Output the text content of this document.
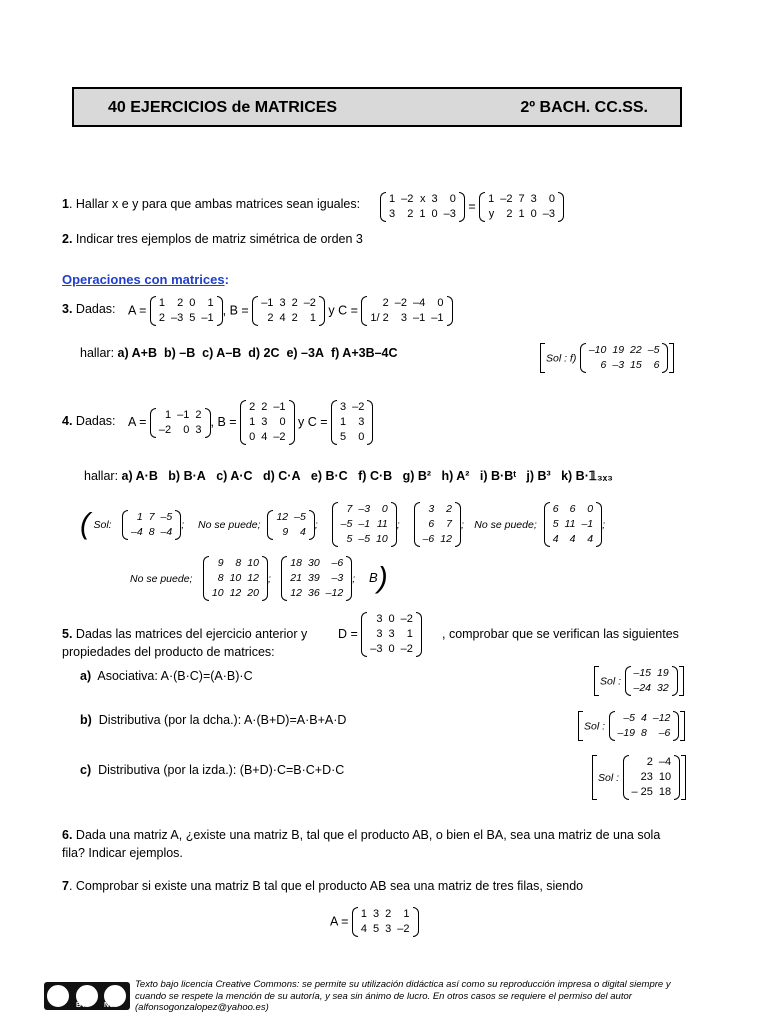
40 EJERCICIOS de MATRICES	2º BACH. CC.SS.
1. Hallar x e y para que ambas matrices sean iguales:	1	–2	x	3	0
3	2	1	0	–3
=
1	–2	7	3	0
y	2	1	0	–3
2. Indicar tres ejemplos de matriz simétrica de orden 3
Operaciones con matrices:
3. Dadas: A =
1	2	0	1
2	–3	5	–1
, B =
–1	3	2	–2
2	4	2	1
y C =
2	–2	–4	0
1/ 2	3	–1	–1
hallar: a) A+B b) –B c) A–B d) 2C e) –3A f) A+3B–4C	Sol : f)
–10	19	22	–5
6	–3	15	6
4. Dadas: A =
1	–1	2
–2	0	3
, B =
2	2	–1
1	3	0
0	4	–2
y C =
3	–2
1	3
5	0
hallar: a) A·B b) B·A c) A·C d) C·A e) B·C f) C·B g) B² h) A² i) B·Bᵗ j) B³ k) B·𝟙₃ₓ₃
( Sol:
1	7	–5
–4	8	–4
; No se puede;
12	–5
9	4
;
7	–3	0
–5	–1	11
5	–5	10
;
3	2
6	7
–6	12
; No se puede;
6	6	0
5	11	–1
4	4	4
;
No se puede;
9	8	10
8	10	12
10	12	20
;
18	30	–6
21	39	–3
12	36	–12
; B)
5. Dadas las matrices del ejercicio anterior y D =
3	0	–2
3	3	1
–3	0	–2
, comprobar que se verifican las siguientes
propiedades del producto de matrices:
a) Asociativa: A·(B·C)=(A·B)·C	Sol :
–15	19
–24	32
b) Distributiva (por la dcha.): A·(B+D)=A·B+A·D	Sol :
–5	4	–12
–19	8	–6
c) Distributiva (por la izda.): (B+D)·C=B·C+D·C
Sol :
2	–4
23	10
– 25	18
6. Dada una matriz A, ¿existe una matriz B, tal que el producto AB, o bien el BA, sea una matriz de una sola
fila? Indicar ejemplos.
7. Comprobar si existe una matriz B tal que el producto AB sea una matriz de tres filas, siendo
A =
1	3	2	1
4	5	3	–2
cc	●	$
BY	NC
Texto bajo licencia Creative Commons: se permite su utilización didáctica así como su reproducción impresa o digital siempre y cuando se respete la mención de su autoría, y sea sin ánimo de lucro. En otros casos se requiere el permiso del autor (alfonsogonzalopez@yahoo.es)
